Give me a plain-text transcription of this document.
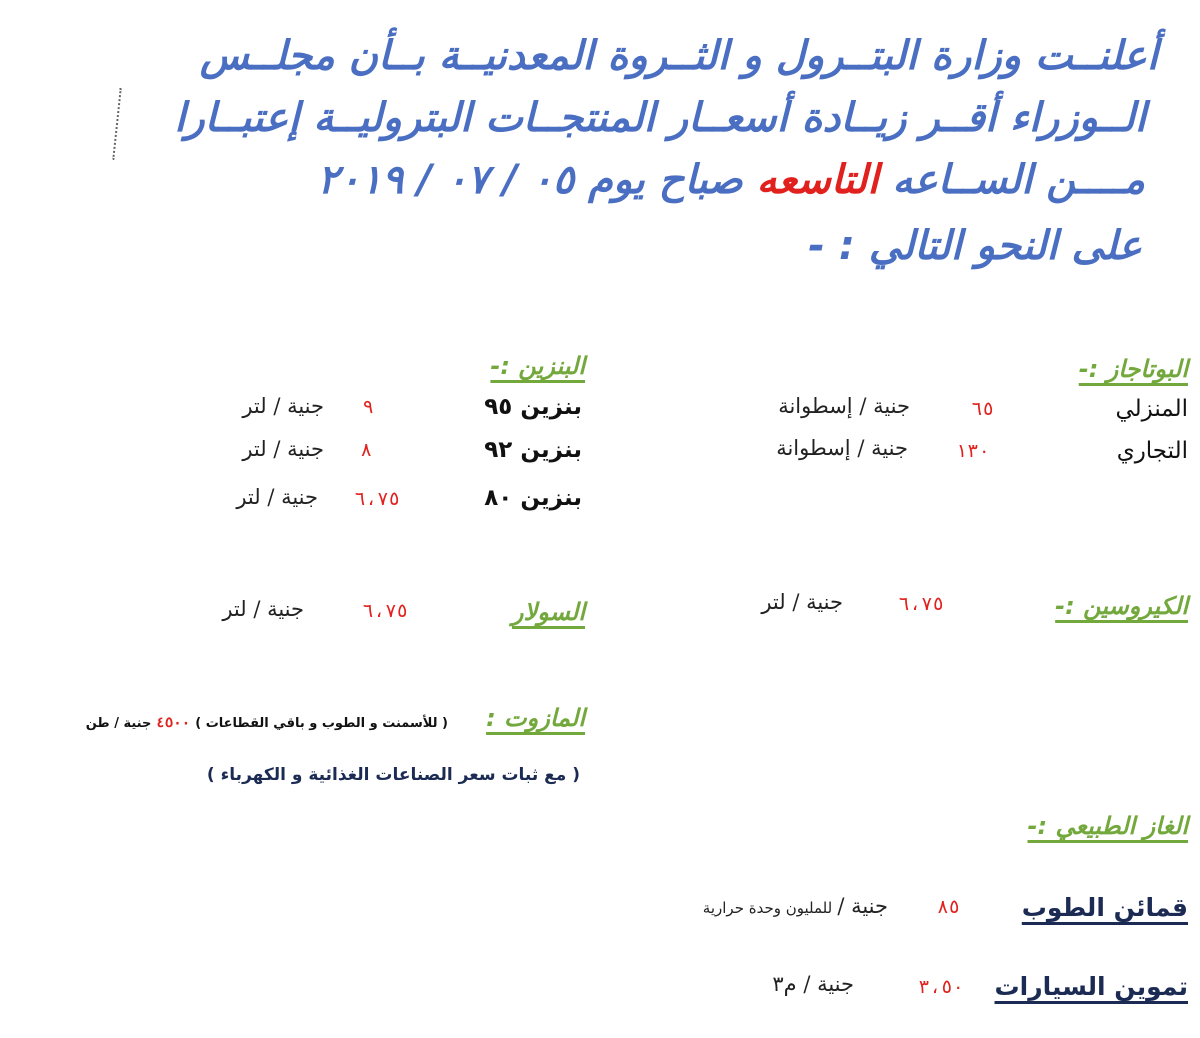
أعلنــت وزارة البتــرول و الثــروة المعدنيــة بــأن مجلــس
الــوزراء أقــر زيــادة أسعــار المنتجــات البتروليــة إعتبــارا
مــــن الســاعه التاسعه صباح يوم ٠٥ / ٠٧ / ٢٠١٩
على النحو التالي : -
البوتاجاز :-
المنزلي
٦٥
جنية / إسطوانة
التجاري
١٣٠
جنية / إسطوانة
البنزين :-
بنزين ٩٥
٩
جنية / لتر
بنزين ٩٢
٨
جنية / لتر
بنزين ٨٠
٦،٧٥
جنية / لتر
الكيروسين :-
٦،٧٥
جنية / لتر
السولار
٦،٧٥
جنية / لتر
المازوت :
( للأسمنت و الطوب و باقي القطاعات ) ٤٥٠٠ جنية / طن
( مع ثبات سعر الصناعات الغذائية و الكهرباء )
الغاز الطبيعي :-
قمائن الطوب
٨٥
جنية / للمليون وحدة حرارية
تموين السيارات
٣،٥٠
جنية / م٣
